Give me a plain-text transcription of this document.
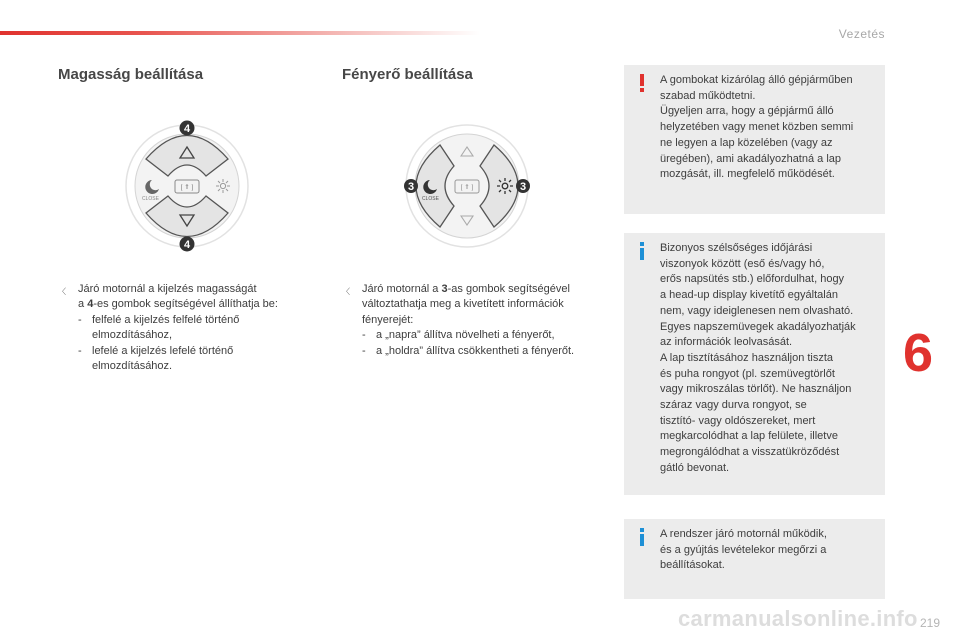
Vezetés
Magasság beállítása
CLOSE
[ ⇑ ]
4
4
〈	Járó motornál a kijelzés magasságát
a 4-es gombok segítségével állíthatja be:
- felfelé a kijelzés felfelé történő
elmozdításához,
- lefelé a kijelzés lefelé történő
elmozdításához.
Fényerő beállítása
CLOSE
[ ⇑ ]
3	3
〈	Járó motornál a 3-as gombok segítségével
változtathatja meg a kivetített információk
fényerejét:
- a „napra” állítva növelheti a fényerőt,
- a „holdra” állítva csökkentheti a fényerőt.
A gombokat kizárólag álló gépjárműben
szabad működtetni.
Ügyeljen arra, hogy a gépjármű álló
helyzetében vagy menet közben semmi
ne legyen a lap közelében (vagy az
üregében), ami akadályozhatná a lap
mozgását, ill. megfelelő működését.
Bizonyos szélsőséges időjárási
viszonyok között (eső és/vagy hó,
erős napsütés stb.) előfordulhat, hogy
a head-up display kivetítő egyáltalán
nem, vagy ideiglenesen nem olvasható.
Egyes napszemüvegek akadályozhatják
az információk leolvasását.
A lap tisztításához használjon tiszta
és puha rongyot (pl. szemüvegtörlőt
vagy mikroszálas törlőt). Ne használjon
száraz vagy durva rongyot, se
tisztító- vagy oldószereket, mert
megkarcolódhat a lap felülete, illetve
megrongálódhat a visszatükröződést
gátló bevonat.
A rendszer járó motornál működik,
és a gyújtás levételekor megőrzi a
beállításokat.
6
carmanualsonline.info 219
